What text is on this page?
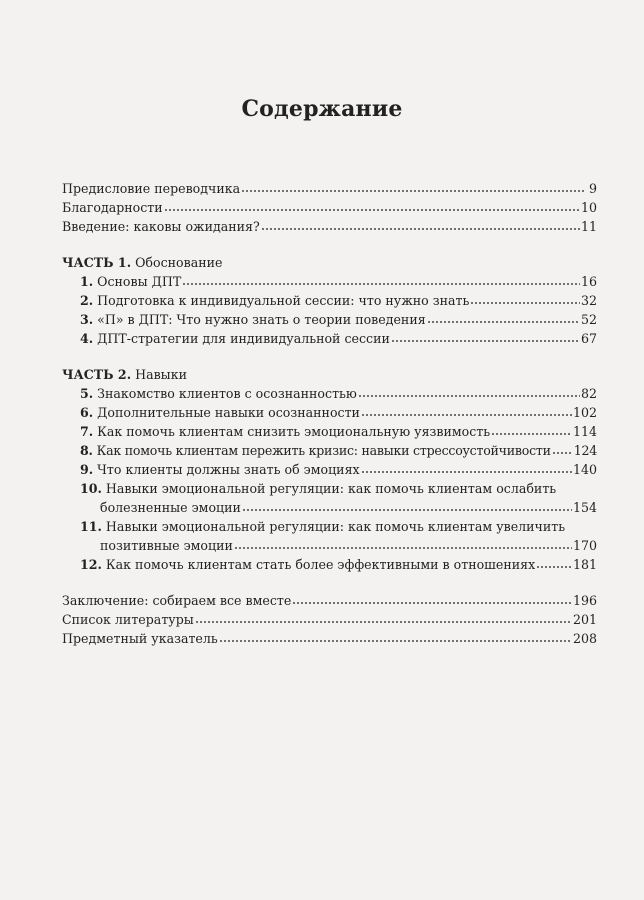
Содержание
Предисловие переводчика	9
Благодарности	10
Введение: каковы ожидания?	11
ЧАСТЬ 1.
Обоснование
1. Основы ДПТ	16
2. Подготовка к индивидуальной сессии: что нужно знать	32
3. «П» в ДПТ: Что нужно знать о теории поведения	52
4. ДПТ-стратегии для индивидуальной сессии	67
ЧАСТЬ 2.
Навыки
5. Знакомство клиентов с осознанностью	82
6. Дополнительные навыки осознанности	102
7. Как помочь клиентам снизить эмоциональную уязвимость	114
8. Как помочь клиентам пережить кризис: навыки стрессоустойчивости 124
9. Что клиенты должны знать об эмоциях	140
10. Навыки эмоциональной регуляции: как помочь клиентам ослабить
болезненные эмоции	154
11. Навыки эмоциональной регуляции: как помочь клиентам увеличить
позитивные эмоции	170
12. Как помочь клиентам стать более эффективными в отношениях	181
Заключение: собираем все вместе	196
Список литературы	201
Предметный указатель	208
